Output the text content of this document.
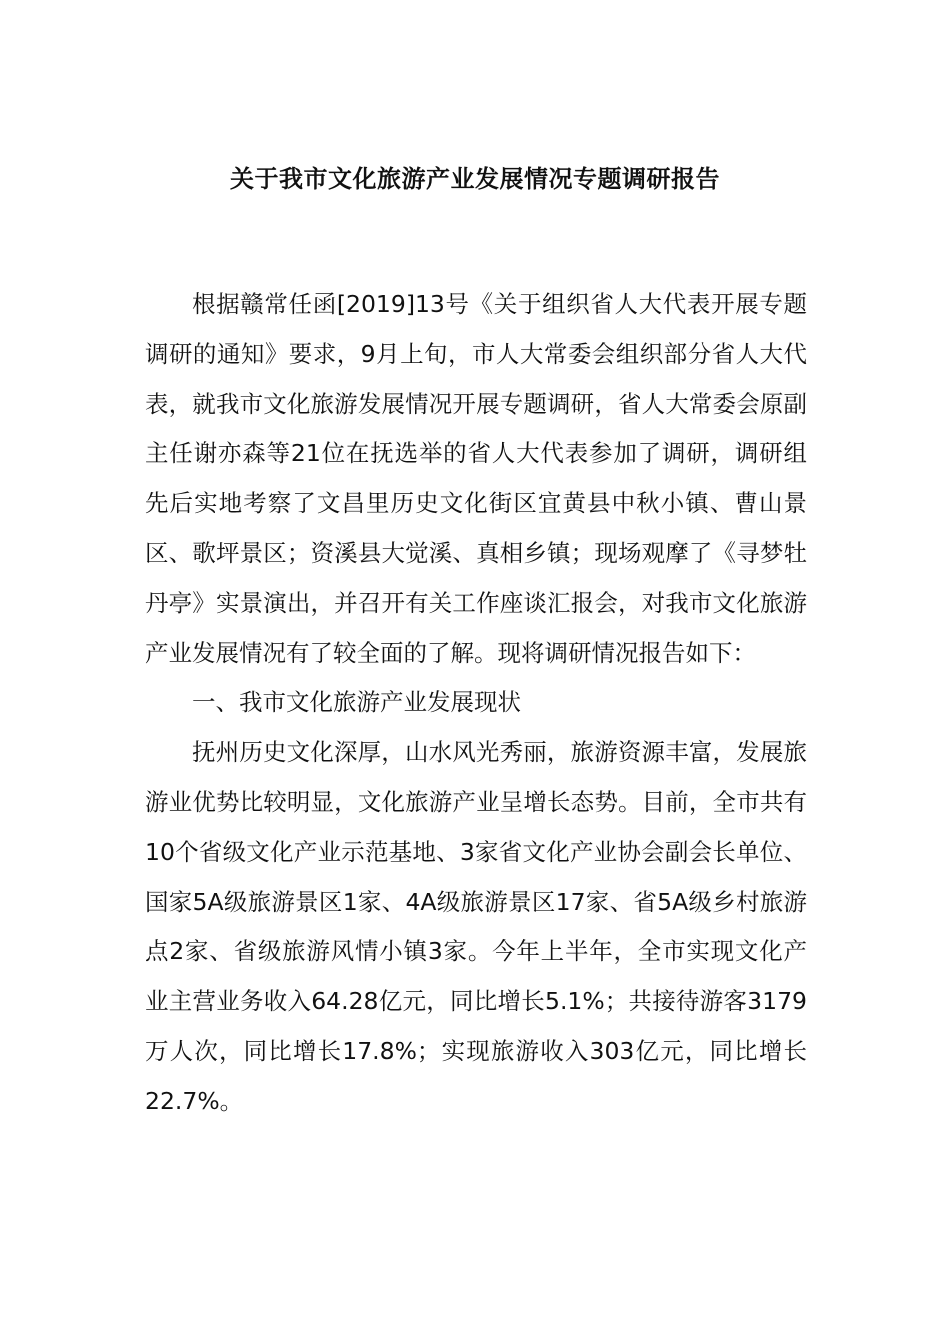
关于我市文化旅游产业发展情况专题调研报告

根据赣常任函[2019]13号《关于组织省人大代表开展专题调研的通知》要求，9月上旬，市人大常委会组织部分省人大代表，就我市文化旅游发展情况开展专题调研，省人大常委会原副主任谢亦森等21位在抚选举的省人大代表参加了调研，调研组先后实地考察了文昌里历史文化街区宜黄县中秋小镇、曹山景区、歌坪景区；资溪县大觉溪、真相乡镇；现场观摩了《寻梦牡丹亭》实景演出，并召开有关工作座谈汇报会，对我市文化旅游产业发展情况有了较全面的了解。现将调研情况报告如下：

一、我市文化旅游产业发展现状

抚州历史文化深厚，山水风光秀丽，旅游资源丰富，发展旅游业优势比较明显，文化旅游产业呈增长态势。目前，全市共有10个省级文化产业示范基地、3家省文化产业协会副会长单位、国家5A级旅游景区1家、4A级旅游景区17家、省5A级乡村旅游点2家、省级旅游风情小镇3家。今年上半年，全市实现文化产业主营业务收入64.28亿元，同比增长5.1%；共接待游客3179万人次，同比增长17.8%；实现旅游收入303亿元，同比增长22.7%。
